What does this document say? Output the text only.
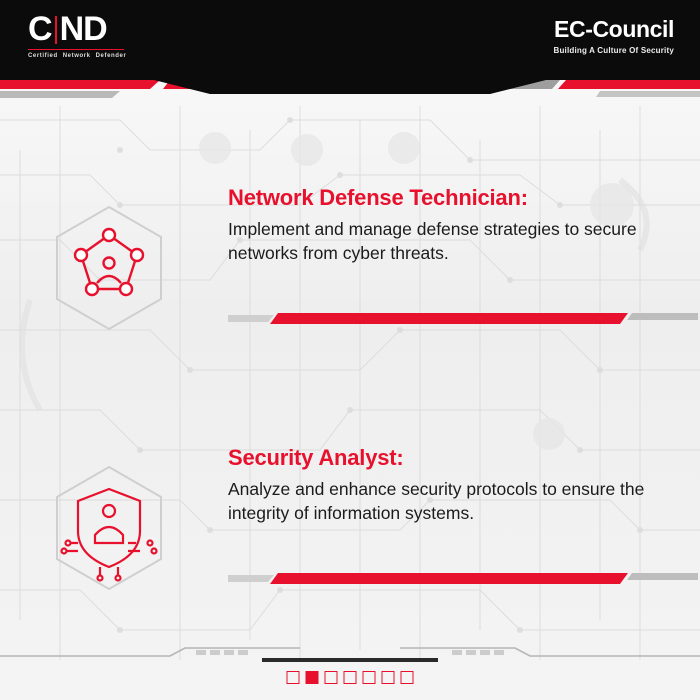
C ND
Certified Network Defender
EC-Council
Building A Culture Of Security
Network Defense Technician:

Implement and manage defense strategies to secure networks from cyber threats.

Security Analyst:

Analyze and enhance security protocols to ensure the integrity of information systems.
